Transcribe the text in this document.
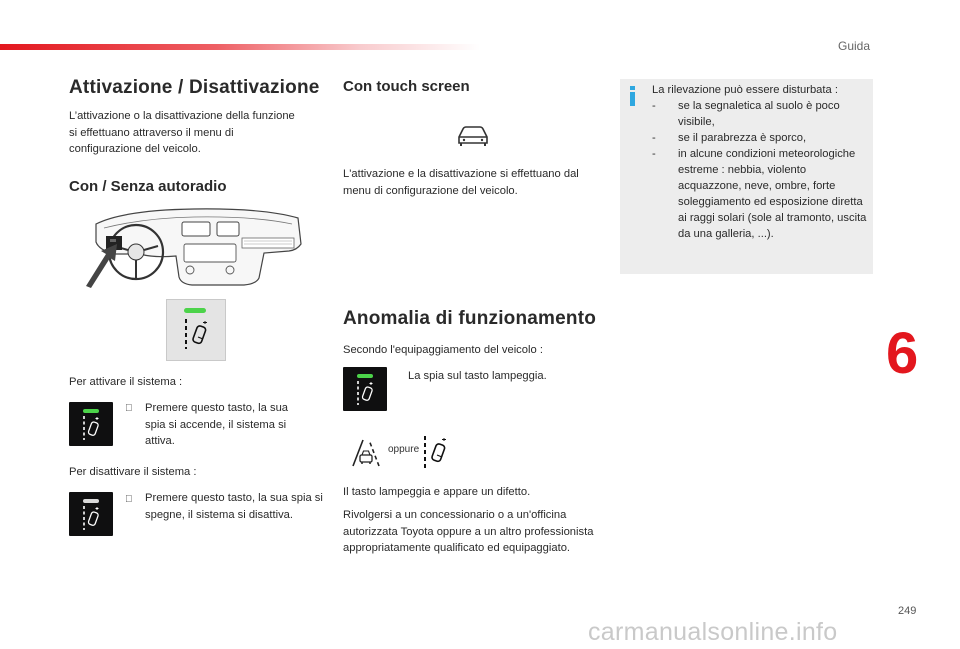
Guida
6
249
carmanualsonline.info
Attivazione / Disattivazione

L’attivazione o la disattivazione della funzione si effettuano attraverso il menu di configurazione del veicolo.

Con / Senza autoradio

Per attivare il sistema :

Premere questo tasto, la sua spia si accende, il sistema si attiva.

Per disattivare il sistema :

Premere questo tasto, la sua spia si spegne, il sistema si disattiva.

Con touch screen

L'attivazione e la disattivazione si effettuano dal menu di configurazione del veicolo.

Anomalia di funzionamento

Secondo l'equipaggiamento del veicolo :

La spia sul tasto lampeggia.

oppure

Il tasto lampeggia e appare un difetto.

Rivolgersi a un concessionario o a un'officina autorizzata Toyota oppure a un altro professionista appropriatamente qualificato ed equipaggiato.

La rilevazione può essere disturbata :
- se la segnaletica al suolo è poco visibile,
- se il parabrezza è sporco,
- in alcune condizioni meteorologiche estreme : nebbia, violento acquazzone, neve, ombre, forte soleggiamento ed esposizione diretta ai raggi solari (sole al tramonto, uscita da una galleria, ...).
